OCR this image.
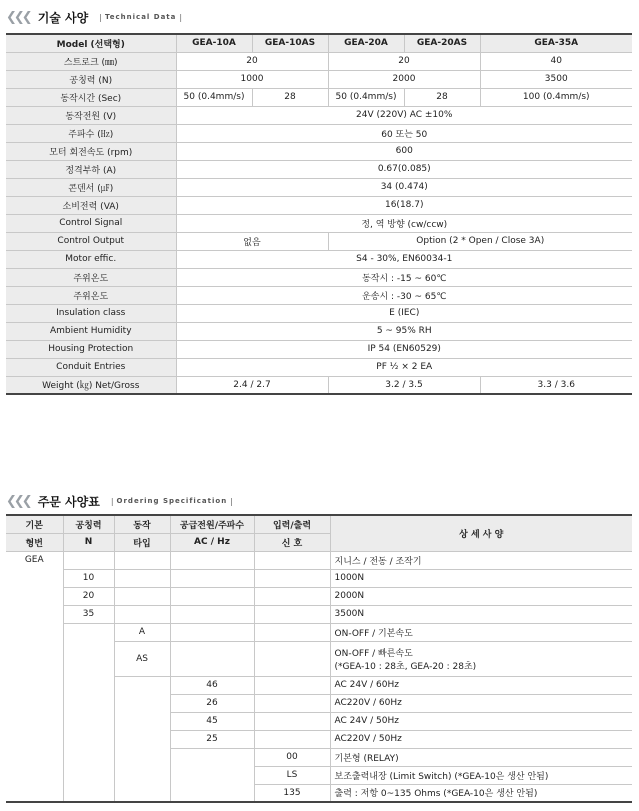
❮❮❮ 기술 사양 | Technical Data |
Model (선택형)	GEA-10A	GEA-10AS	GEA-20A	GEA-20AS	GEA-35A
스트로크 (㎜)	20		20		40
공칭력 (N)	1000		2000		3500
동작시간 (Sec)	50 (0.4mm/s)	28	50 (0.4mm/s)	28	100 (0.4mm/s)
동작전원 (V)	24V (220V) AC ±10%				
주파수 (㎐)	60 또는 50				
모터 회전속도 (rpm)	600				
정격부하 (A)	0.67(0.085)				
콘덴서 (㎌)	34 (0.474)				
소비전력 (VA)	16(18.7)				
Control Signal	정, 역 방향 (cw/ccw)				
Control Output	없음		Option (2 * Open / Close 3A)		
Motor effic.	S4 - 30%, EN60034-1				
주위온도	동작시 : -15 ~ 60℃				
주위온도	운송시 : -30 ~ 65℃				
Insulation class	E (IEC)				
Ambient Humidity	5 ~ 95% RH				
Housing Protection	IP 54 (EN60529)				
Conduit Entries	PF ½ × 2 EA				
Weight (㎏) Net/Gross	2.4 / 2.7		3.2 / 3.5		3.3 / 3.6
❮❮❮ 주문 사양표 | Ordering Specification |
기본	공칭력	동작	공급전원/주파수	입력/출력	상 세 사 양
형번	N	타입	AC / Hz	신 호	
GEA					지니스 / 전동 / 조작기
	10				1000N
	20				2000N
	35				3500N
		A			ON-OFF / 기본속도
		AS			ON-OFF / 빠른속도
(*GEA-10 : 28초, GEA-20 : 28초)

			46		AC 24V / 60Hz
			26		AC220V / 60Hz
			45		AC 24V / 50Hz
			25		AC220V / 50Hz
				00	기본형 (RELAY)
				LS	보조출력내장 (Limit Switch) (*GEA-10은 생산 안됨)
				135	출력 : 저항 0~135 Ohms (*GEA-10은 생산 안됨)
